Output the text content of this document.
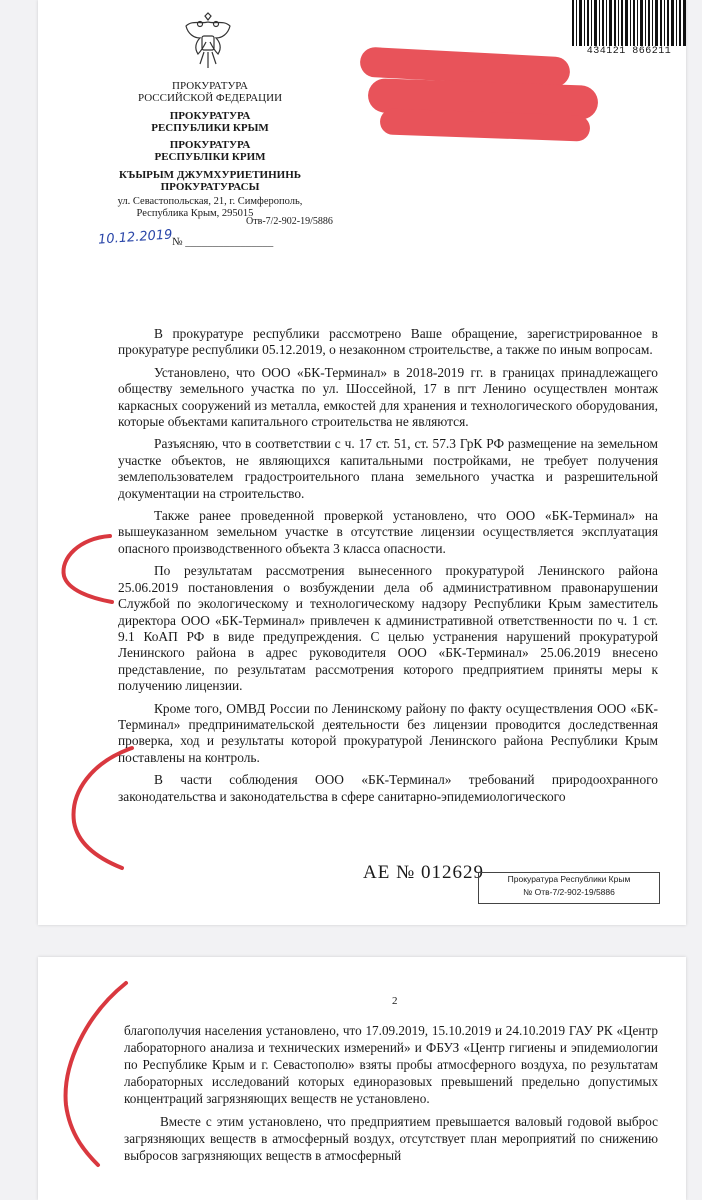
ПРОКУРАТУРА
РОССИЙСКОЙ ФЕДЕРАЦИИ
ПРОКУРАТУРА
РЕСПУБЛИКИ КРЫМ
ПРОКУРАТУРА
РЕСПУБЛІКИ КРИМ
КЪЫРЫМ ДЖУМХУРИЕТИНИНЬ
ПРОКУРАТУРАСЫ
ул. Севастопольская, 21, г. Симферополь,
Республика Крым, 295015
Отв-7/2-902-19/5886
10.12.2019 № ________________
434121 866211

В прокуратуре республики рассмотрено Ваше обращение, зарегистрированное в прокуратуре республики 05.12.2019, о незаконном строительстве, а также по иным вопросам.

Установлено, что ООО «БК-Терминал» в 2018-2019 гг. в границах принадлежащего обществу земельного участка по ул. Шоссейной, 17 в пгт Ленино осуществлен монтаж каркасных сооружений из металла, емкостей для хранения и технологического оборудования, которые объектами капитального строительства не являются.

Разъясняю, что в соответствии с ч. 17 ст. 51, ст. 57.3 ГрК РФ размещение на земельном участке объектов, не являющихся капитальными постройками, не требует получения землепользователем градостроительного плана земельного участка и разрешительной документации на строительство.

Также ранее проведенной проверкой установлено, что ООО «БК-Терминал» на вышеуказанном земельном участке в отсутствие лицензии осуществляется эксплуатация опасного производственного объекта 3 класса опасности.

По результатам рассмотрения вынесенного прокуратурой Ленинского района 25.06.2019 постановления о возбуждении дела об административном правонарушении Службой по экологическому и технологическому надзору Республики Крым заместитель директора ООО «БК-Терминал» привлечен к административной ответственности по ч. 1 ст. 9.1 КоАП РФ в виде предупреждения. С целью устранения нарушений прокуратурой Ленинского района в адрес руководителя ООО «БК-Терминал» 25.06.2019 внесено представление, по результатам рассмотрения которого предприятием приняты меры к получению лицензии.

Кроме того, ОМВД России по Ленинскому району по факту осуществления ООО «БК-Терминал» предпринимательской деятельности без лицензии проводится доследственная проверка, ход и результаты которой прокуратурой Ленинского района Республики Крым поставлены на контроль.

В части соблюдения ООО «БК-Терминал» требований природоохранного законодательства и законодательства в сфере санитарно-эпидемиологического

АЕ № 012629	Прокуратура Республики Крым
№ Отв-7/2-902-19/5886
2

благополучия населения установлено, что 17.09.2019, 15.10.2019 и 24.10.2019 ГАУ РК «Центр лабораторного анализа и технических измерений» и ФБУЗ «Центр гигиены и эпидемиологии по Республике Крым и г. Севастополю» взяты пробы атмосферного воздуха, по результатам лабораторных исследований которых единоразовых превышений предельно допустимых концентраций загрязняющих веществ не установлено.

Вместе с этим установлено, что предприятием превышается валовый годовой выброс загрязняющих веществ в атмосферный воздух, отсутствует план мероприятий по снижению выбросов загрязняющих веществ в атмосферный
